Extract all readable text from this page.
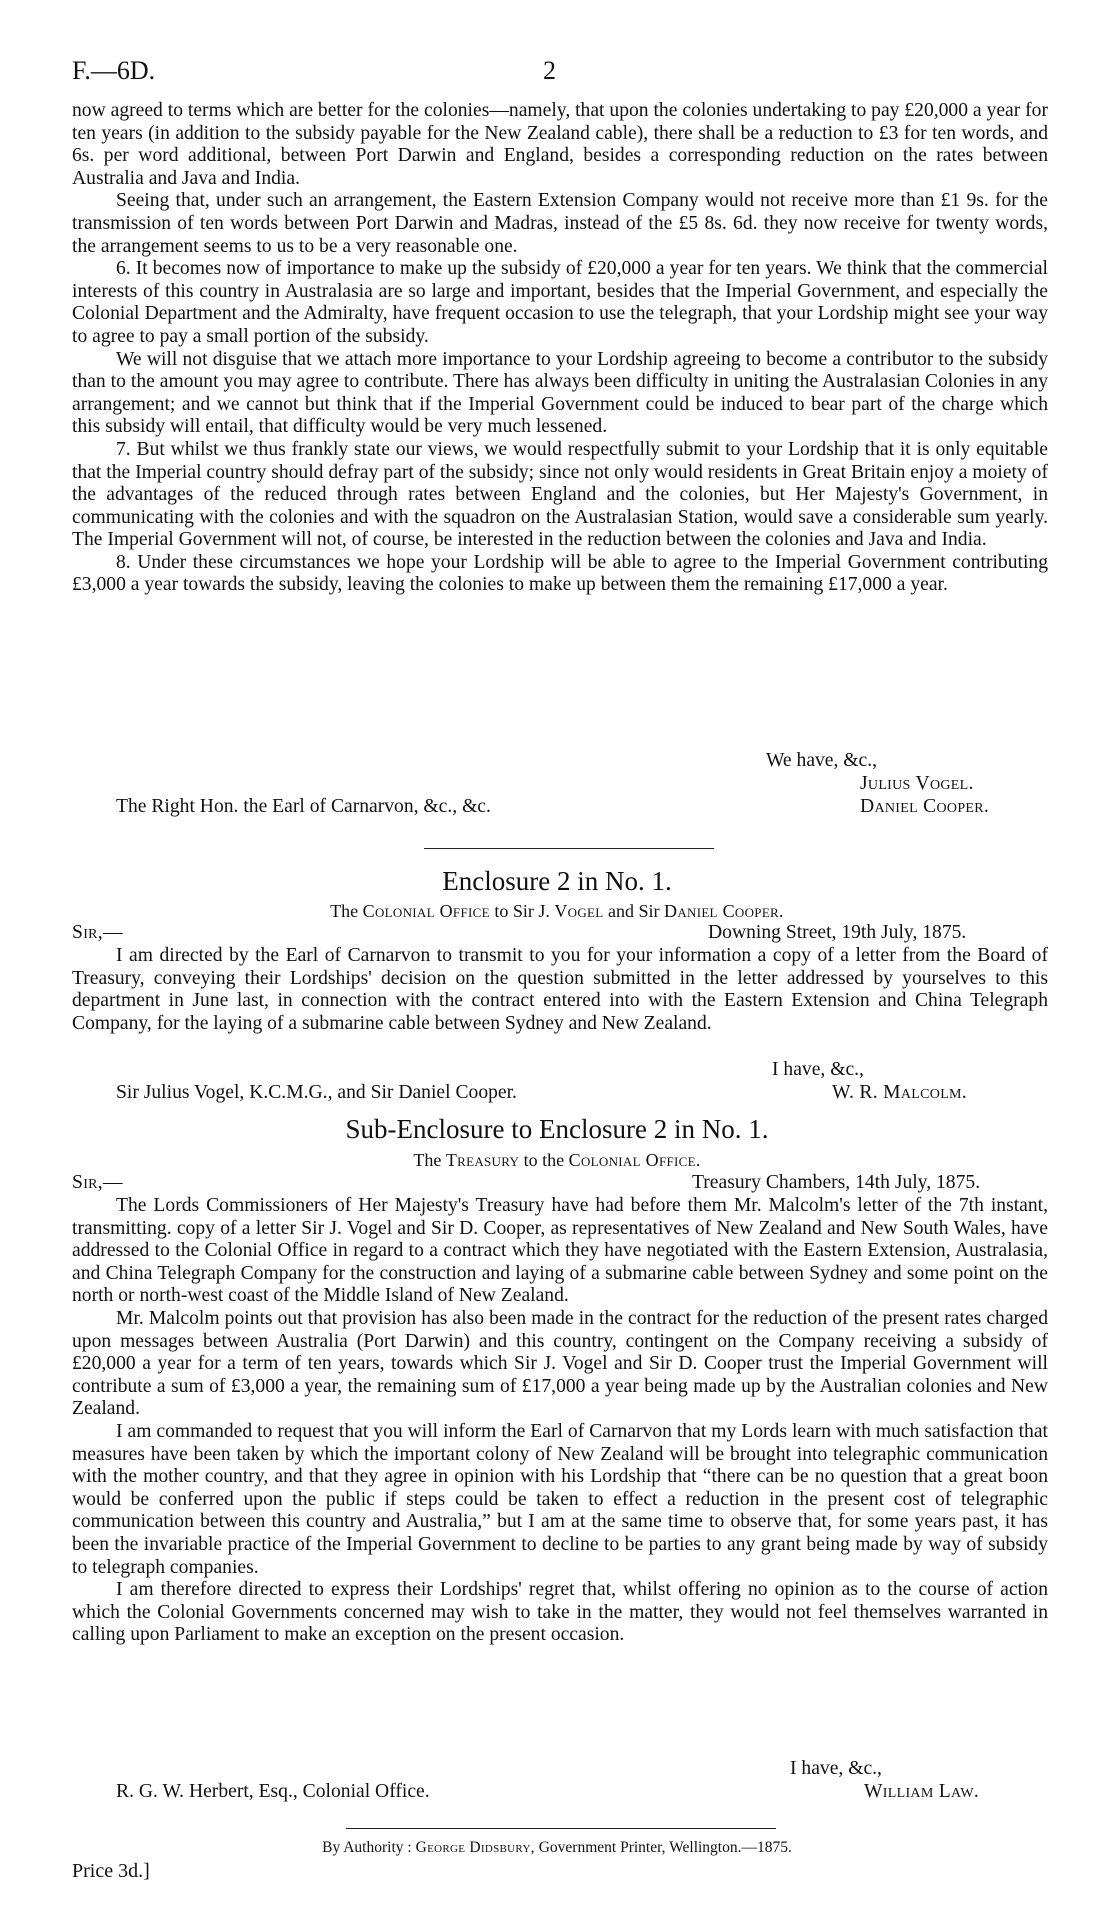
F.—6D.	2

now agreed to terms which are better for the colonies—namely, that upon the colonies undertaking to pay £20,000 a year for ten years (in addition to the subsidy payable for the New Zealand cable), there shall be a reduction to £3 for ten words, and 6s. per word additional, between Port Darwin and England, besides a corresponding reduction on the rates between Australia and Java and India.

Seeing that, under such an arrangement, the Eastern Extension Company would not receive more than £1 9s. for the transmission of ten words between Port Darwin and Madras, instead of the £5 8s. 6d. they now receive for twenty words, the arrangement seems to us to be a very reasonable one.

6. It becomes now of importance to make up the subsidy of £20,000 a year for ten years. We think that the commercial interests of this country in Australasia are so large and important, besides that the Imperial Government, and especially the Colonial Department and the Admiralty, have frequent occasion to use the telegraph, that your Lordship might see your way to agree to pay a small portion of the subsidy.

We will not disguise that we attach more importance to your Lordship agreeing to become a contributor to the subsidy than to the amount you may agree to contribute. There has always been difficulty in uniting the Australasian Colonies in any arrangement; and we cannot but think that if the Imperial Government could be induced to bear part of the charge which this subsidy will entail, that difficulty would be very much lessened.

7. But whilst we thus frankly state our views, we would respectfully submit to your Lordship that it is only equitable that the Imperial country should defray part of the subsidy; since not only would residents in Great Britain enjoy a moiety of the advantages of the reduced through rates between England and the colonies, but Her Majesty's Government, in communicating with the colonies and with the squadron on the Australasian Station, would save a considerable sum yearly. The Imperial Government will not, of course, be interested in the reduction between the colonies and Java and India.

8. Under these circumstances we hope your Lordship will be able to agree to the Imperial Government contributing £3,000 a year towards the subsidy, leaving the colonies to make up between them the remaining £17,000 a year.

We have, &c.,
Julius Vogel.
The Right Hon. the Earl of Carnarvon, &c., &c.	Daniel Cooper.
Enclosure 2 in No. 1.
The Colonial Office to Sir J. Vogel and Sir Daniel Cooper.
Sir,—	Downing Street, 19th July, 1875.

I am directed by the Earl of Carnarvon to transmit to you for your information a copy of a letter from the Board of Treasury, conveying their Lordships' decision on the question submitted in the letter addressed by yourselves to this department in June last, in connection with the contract entered into with the Eastern Extension and China Telegraph Company, for the laying of a submarine cable between Sydney and New Zealand.

I have, &c.,
Sir Julius Vogel, K.C.M.G., and Sir Daniel Cooper.	W. R. Malcolm.
Sub-Enclosure to Enclosure 2 in No. 1.
The Treasury to the Colonial Office.
Sir,—	Treasury Chambers, 14th July, 1875.

The Lords Commissioners of Her Majesty's Treasury have had before them Mr. Malcolm's letter of the 7th instant, transmitting. copy of a letter Sir J. Vogel and Sir D. Cooper, as representatives of New Zealand and New South Wales, have addressed to the Colonial Office in regard to a contract which they have negotiated with the Eastern Extension, Australasia, and China Telegraph Company for the construction and laying of a submarine cable between Sydney and some point on the north or north-west coast of the Middle Island of New Zealand.

Mr. Malcolm points out that provision has also been made in the contract for the reduction of the present rates charged upon messages between Australia (Port Darwin) and this country, contingent on the Company receiving a subsidy of £20,000 a year for a term of ten years, towards which Sir J. Vogel and Sir D. Cooper trust the Imperial Government will contribute a sum of £3,000 a year, the remaining sum of £17,000 a year being made up by the Australian colonies and New Zealand.

I am commanded to request that you will inform the Earl of Carnarvon that my Lords learn with much satisfaction that measures have been taken by which the important colony of New Zealand will be brought into telegraphic communication with the mother country, and that they agree in opinion with his Lordship that “there can be no question that a great boon would be conferred upon the public if steps could be taken to effect a reduction in the present cost of telegraphic communication between this country and Australia,” but I am at the same time to observe that, for some years past, it has been the invariable practice of the Imperial Government to decline to be parties to any grant being made by way of subsidy to telegraph companies.

I am therefore directed to express their Lordships' regret that, whilst offering no opinion as to the course of action which the Colonial Governments concerned may wish to take in the matter, they would not feel themselves warranted in calling upon Parliament to make an exception on the present occasion.

I have, &c.,
R. G. W. Herbert, Esq., Colonial Office.	William Law.
By Authority : George Didsbury, Government Printer, Wellington.—1875.
Price 3d.]
